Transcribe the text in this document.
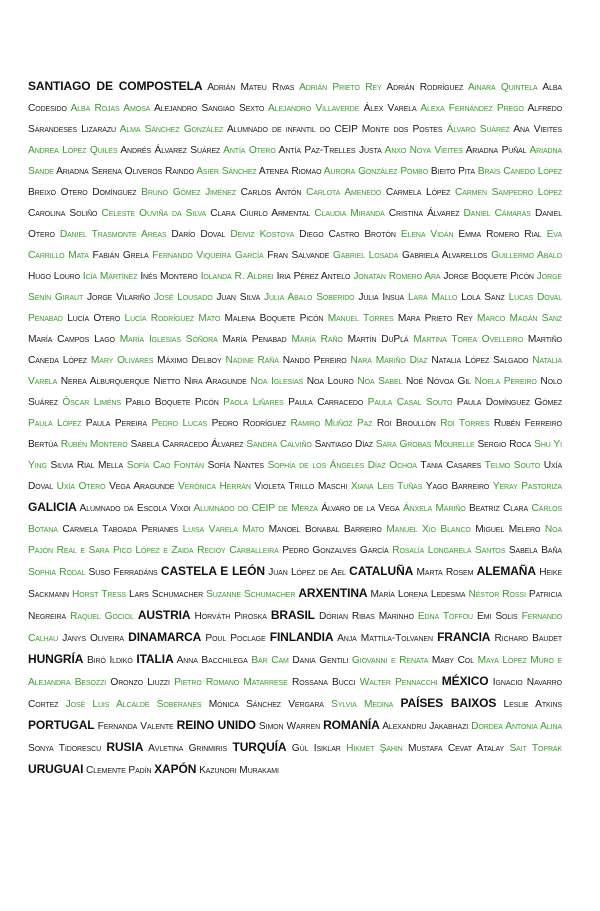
SANTIAGO DE COMPOSTELA Adrián Mateu Rivas Adrián Prieto Rey Adrián Rodríguez Ainara Quintela Alba Codesido Alba Rojas Amosa Alejandro Sangiao Sexto Alejandro Villaverde Álex Varela Alexa Fernández Prego Alfredo Sarandeses Lizarazu Alma Sánchez González Alumnado de infantil do CEIP Monte dos Postes Álvaro Suárez Ana Vieites Andrea López Quiles Andrés Álvarez Suárez Antía Otero Antía Paz-Trelles Justa Anxo Noya Vieites Ariadna Puñal Ariadna Sande Ariadna Serena Oliveros Raindo Asier Sánchez Atenea Riomao Aurora González Pombo Bieito Pita Brais Canedo López Breixo Otero Domínguez Bruno Gómez Jiménez Carlos Antón Carlota Amenedo Carmela López Carmen Sampedro López Carolina Soliño Celeste Ouviña da Silva Clara Ciurlo Armental Claudia Miranda Cristina Álvarez Daniel Cámaras Daniel Otero Daniel Trasmonte Areas Darío Doval Deiviz Kostoya Diego Castro Brotón Elena Vidán Emma Romero Rial Eva Carrillo Mata Fabián Grela Fernando Viqueira García Fran Salvande Gabriel Losada Gabriela Alvarellos Guillermo Abalo Hugo Louro Icía Martínez Inés Montero Iolanda R. Aldrei Iria Pérez Antelo Jonatan Romero Ara Jorge Boquete Picón Jorge Senín Giraut Jorge Vilariño José Lousado Juan Silva Julia Abalo Soberido Julia Insua Lara Mallo Lola Sanz Lucas Doval Penabad Lucía Otero Lucía Rodríguez Mato Malena Boquete Picón Manuel Torres Mara Prieto Rey Marco Magán Sanz María Campos Lago María Iglesias Sóñora María Penabad María Raño Martín DuPlá Martina Torea Ovelleiro Martiño Caneda López Mary Olivares Máximo Delboy Nadine Raña Nando Pereiro Nara Mariño Díaz Natalia López Salgado Natalia Varela Nerea Alburquerque Nietto Nira Aragunde Noa Iglesias Noa Louro Noa Sabel Noé Nóvoa Gil Noela Pereiro Nolo Suárez Óscar Liméns Pablo Boquete Picón Paola Liñares Paula Carracedo Paula Casal Souto Paula Domínguez Gómez Paula López Paula Pereira Pedro Lucas Pedro Rodríguez Ramiro Muñoz Paz Roi Broullón Roi Torres Rubén Ferreiro Bertúa Rubén Montero Sabela Carracedo Álvarez Sandra Calviño Santiago Díaz Sara Grobas Mourelle Sergio Roca Shu Yi Ying Silvia Rial Mella Sofía Cao Fontán Sofía Nantes Sophía de los Ángeles Díaz Ochoa Tania Casares Telmo Souto Uxía Doval Uxía Otero Vega Aragunde Verónica Herrán Violeta Trillo Maschi Xiana Leis Tuñas Yago Barreiro Yeray Pastoriza GALICIA Alumnado da Escola Vixoi Alumnado do CEIP de Merza Álvaro de la Vega Ánxela Mariño Beatriz Clara Carlos Botana Carmela Taboada Perianes Luisa Varela Mato Manoel Bonabal Barreiro Manuel Xio Blanco Miguel Melero Noa Pajón Real e Sara Pico López e Zaida Recioy Carballeira Pedro Gonzalves García Rosalía Longarela Santos Sabela Baña Sophia Rodal Suso Ferradáns CASTELA E LEÓN Juan López de Ael CATALUÑA Marta Rosem ALEMAÑA Heike Sackmann Horst Tress Lars Schumacher Suzanne Schumacher ARXENTINA María Lorena Ledesma Néstor Rossi Patricia Negreira Raquel Gociol AUSTRIA Horváth Piroska BRASIL Dórian Ribas Marinho Edna Toffou Emi Solis Fernando Calhau Janys Oliveira DINAMARCA Poul Poclage FINLANDIA Anja Mattila-Tolvanen FRANCIA Richard Baudet HUNGRÍA Biró Ildikó ITALIA Anna Bacchilega Bar Cam Dania Gentili Giovanni e Renata Maby Col Maya López Muro e Alejandra Besozzi Oronzo Liuzzi Pietro Romano Matarrese Rossana Bucci Walter Pennacchi MÉXICO Ignacio Navarro Cortez José Luis Alcalde Soberanes Mónica Sánchez Vergara Sylvia Medina PAÍSES BAIXOS Leslie Atkins PORTUGAL Fernanda Valente REINO UNIDO Simon Warren ROMANÍA Alexandru Jakabhazi Dordea Antonia Alina Sonya Tidorescu RUSIA Avletina Grinmiris TURQUÍA Gül Isiklar Hikmet Şahin Mustafa Cevat Atalay Sait Toprak URUGUAI Clemente Padín XAPÓN Kazunori Murakami
